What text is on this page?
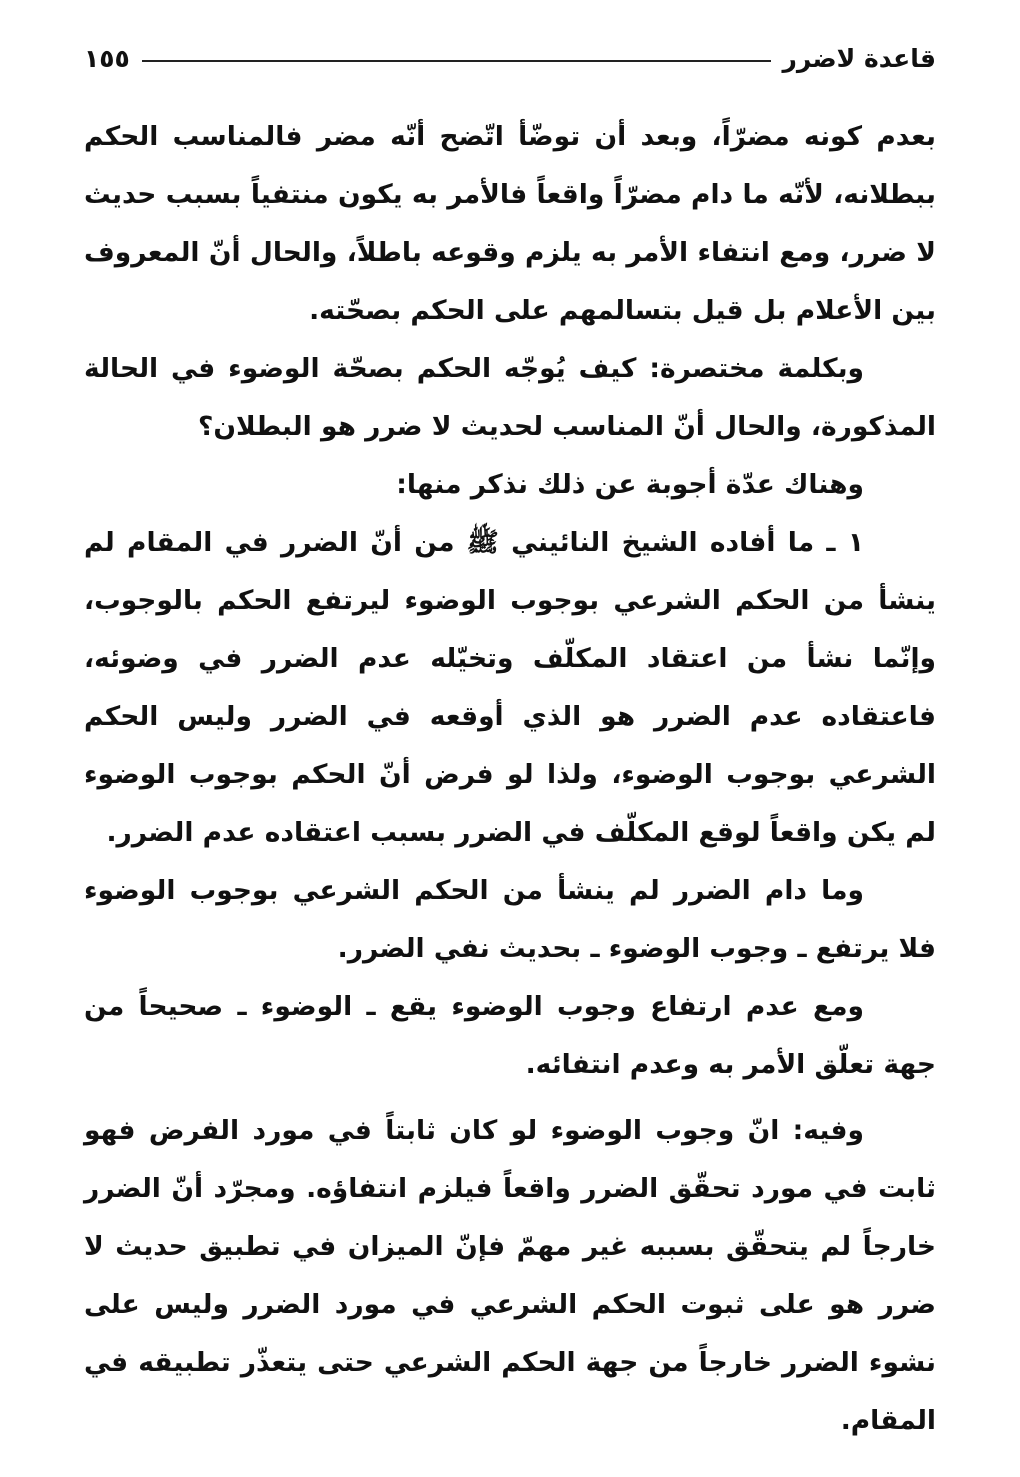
قاعدة لاضرر
١٥٥

بعدم كونه مضرّاً، وبعد أن توضّأ اتّضح أنّه مضر فالمناسب الحكم ببطلانه، لأنّه ما دام مضرّاً واقعاً فالأمر به يكون منتفياً بسبب حديث لا ضرر، ومع انتفاء الأمر به يلزم وقوعه باطلاً، والحال أنّ المعروف بين الأعلام بل قيل بتسالمهم على الحكم بصحّته.

وبكلمة مختصرة: كيف يُوجّه الحكم بصحّة الوضوء في الحالة المذكورة، والحال أنّ المناسب لحديث لا ضرر هو البطلان؟

وهناك عدّة أجوبة عن ذلك نذكر منها:

١ ـ ما أفاده الشيخ النائيني ﷺ من أنّ الضرر في المقام لم ينشأ من الحكم الشرعي بوجوب الوضوء ليرتفع الحكم بالوجوب، وإنّما نشأ من اعتقاد المكلّف وتخيّله عدم الضرر في وضوئه، فاعتقاده عدم الضرر هو الذي أوقعه في الضرر وليس الحكم الشرعي بوجوب الوضوء، ولذا لو فرض أنّ الحكم بوجوب الوضوء لم يكن واقعاً لوقع المكلّف في الضرر بسبب اعتقاده عدم الضرر.

وما دام الضرر لم ينشأ من الحكم الشرعي بوجوب الوضوء فلا يرتفع ـ وجوب الوضوء ـ بحديث نفي الضرر.

ومع عدم ارتفاع وجوب الوضوء يقع ـ الوضوء ـ صحيحاً من جهة تعلّق الأمر به وعدم انتفائه.

وفيه: انّ وجوب الوضوء لو كان ثابتاً في مورد الفرض فهو ثابت في مورد تحقّق الضرر واقعاً فيلزم انتفاؤه. ومجرّد أنّ الضرر خارجاً لم يتحقّق بسببه غير مهمّ فإنّ الميزان في تطبيق حديث لا ضرر هو على ثبوت الحكم الشرعي في مورد الضرر وليس على نشوء الضرر خارجاً من جهة الحكم الشرعي حتى يتعذّر تطبيقه في المقام.
